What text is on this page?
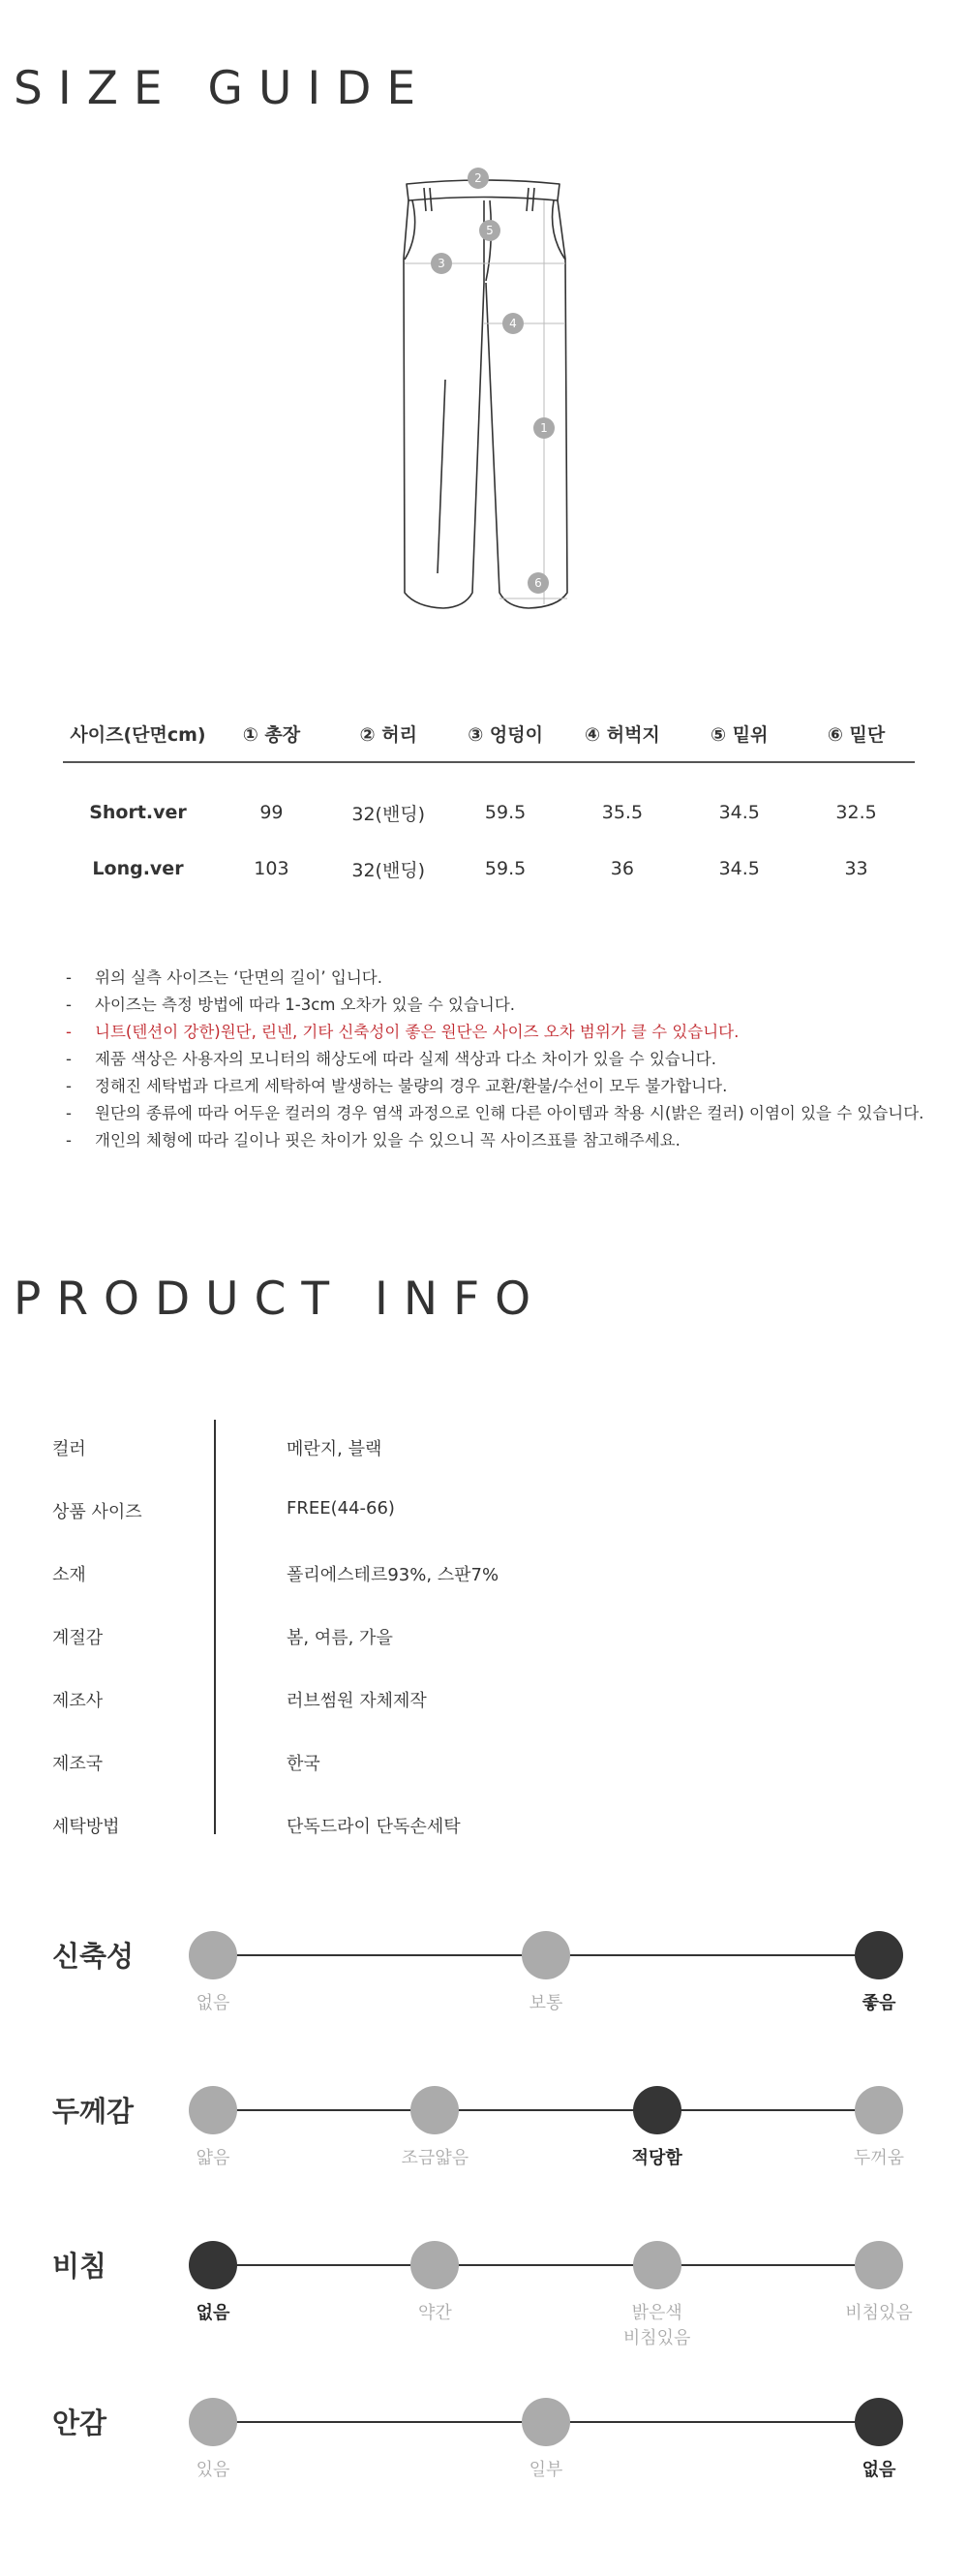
SIZE GUIDE
2
5
3
4
1
6
사이즈(단면cm)	① 총장	② 허리	③ 엉덩이	④ 허벅지	⑤ 밑위	⑥ 밑단
Short.ver	99	32(밴딩)	59.5	35.5	34.5	32.5
Long.ver	103	32(밴딩)	59.5	36	34.5	33
- 위의 실측 사이즈는 ‘단면의 길이’ 입니다.
- 사이즈는 측정 방법에 따라 1-3cm 오차가 있을 수 있습니다.
- 니트(텐션이 강한)원단, 린넨, 기타 신축성이 좋은 원단은 사이즈 오차 범위가 클 수 있습니다.
- 제품 색상은 사용자의 모니터의 해상도에 따라 실제 색상과 다소 차이가 있을 수 있습니다.
- 정해진 세탁법과 다르게 세탁하여 발생하는 불량의 경우 교환/환불/수선이 모두 불가합니다.
- 원단의 종류에 따라 어두운 컬러의 경우 염색 과정으로 인해 다른 아이템과 착용 시(밝은 컬러) 이염이 있을 수 있습니다.
- 개인의 체형에 따라 길이나 핏은 차이가 있을 수 있으니 꼭 사이즈표를 참고해주세요.
PRODUCT INFO
컬러	메란지, 블랙
상품 사이즈	FREE(44-66)
소재	폴리에스테르93%, 스판7%
계절감	봄, 여름, 가을
제조사	러브썸원 자체제작
제조국	한국
세탁방법	단독드라이 단독손세탁
신축성
없음	보통	좋음
두께감
얇음	조금얇음	적당함	두꺼움
비침
없음	약간	밝은색
비침있음
비침있음
안감
있음	일부	없음
